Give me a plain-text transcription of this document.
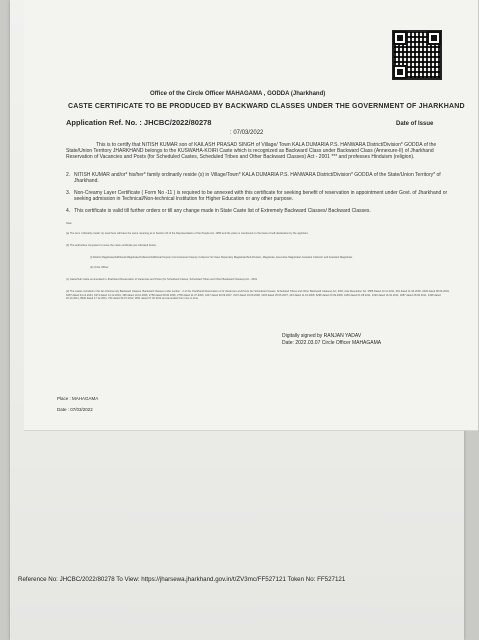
Office of the Circle Officer MAHAGAMA , GODDA (Jharkhand)
CASTE CERTIFICATE TO BE PRODUCED BY BACKWARD CLASSES UNDER THE GOVERNMENT OF JHARKHAND
Application Ref. No. : JHCBC/2022/80278	Date of Issue
: 07/03/2022
This is to certify that NITISH KUMAR son of KAILASH PRASAD SINGH of Village/ Town KALA DUMARIA P.S. HANWARA District/Division* GODDA of the State/Union Territory JHARKHAND belongs to the KUSWAHA-KOIRI Caste which is recognized as Backward Class under Backward Class (Annexure-II) of Jharkhand Reservation of Vacancies and Posts (for Scheduled Castes, Scheduled Tribes and Other Backward Classes) Act - 2001 *** and professes Hinduism (religion).
2. NITISH KUMAR and/or* his/her* family ordinarily reside (s) in Village/Town* KALA DUMARIA P.S. HANWARA District/Division* GODDA of the State/Union Territory* of Jharkhand.
3. Non-Creamy Layer Certificate ( Form No -11 ) is required to be annexed with this certificate for seeking benefit of reservation in appointment under Govt. of Jharkhand or seeking admission in Technical/Non-technical Institution for Higher Education or any other purpose.
4. This certificate is valid till further orders or till any change made in State Caste list of Extremely Backward Classes/ Backward Classes.
Note:
(a) The term 'ordinarily reside' (s) used here will have the same meaning as in Section 20 of the Representation of the People Act, 1950 and the place is mentioned on the basis of self-declaration by the applicant.
(b) The authorities competent to issue the caste certificate are indicated below:
(i) District Magistrate/Additional Magistrate/Collector/Additional Deputy Commissioner/ Deputy Collector/ Ist Class Stipendary Magistrate/Sub-Division, Magistrate, Executive Magistrate/ Assistant Collector and Assistant Magistrate.
(ii) Circle Officer
(c) Caste/Sub Caste enumerated in Jharkhand Reservation of Vacancies and Posts (for Scheduled Castes, Scheduled Tribes and Other Backward Classes) Act - 2001
(d) The castes included in the list of Extremely Backward Classes, Backward Classes under section - 2 of the Jharkhand Reservation of of Vacancies and Posts (for Scheduled Castes, Scheduled Tribes and Other Backward Classes) Act, 2001 vide Resolution No. 3585 Dated 10.11.2011, 391 dated 11.02.2003, 3436 dated 08.06.2004, 6257 dated 04.12.2004, 6374 dated 14.12.2004, 498 dated 19.01.2006, 2759 dated 08.06.2006, 2765 dated 11.07.2006, 4447 dated 29.09.2007, 3197 dated 04.09.2008, 1306 dated 25.05.2007, 243 dated 11.01.2008, 6298 dated 23.09.2008, 4453 dated 01.08.2011, 1626 dated 16.04.2011, 3087 dated 28.06.2011, 1438 dated 20.10.2011, 8992 dated 17.12.2011, 794 dated 30.07.2012, 2811 dated 07.03.2012 and amended from time to time.
Digitally signed by RANJAN YADAV
Date: 2022.03.07 Circle Officer MAHAGAMA
Place : MAHAGAMA
Date : 07/03/2022
Reference No: JHCBC/2022/80278 To View: https://jharsewa.jharkhand.gov.in/t/ZV3mc/FF527121 Token No: FF527121
